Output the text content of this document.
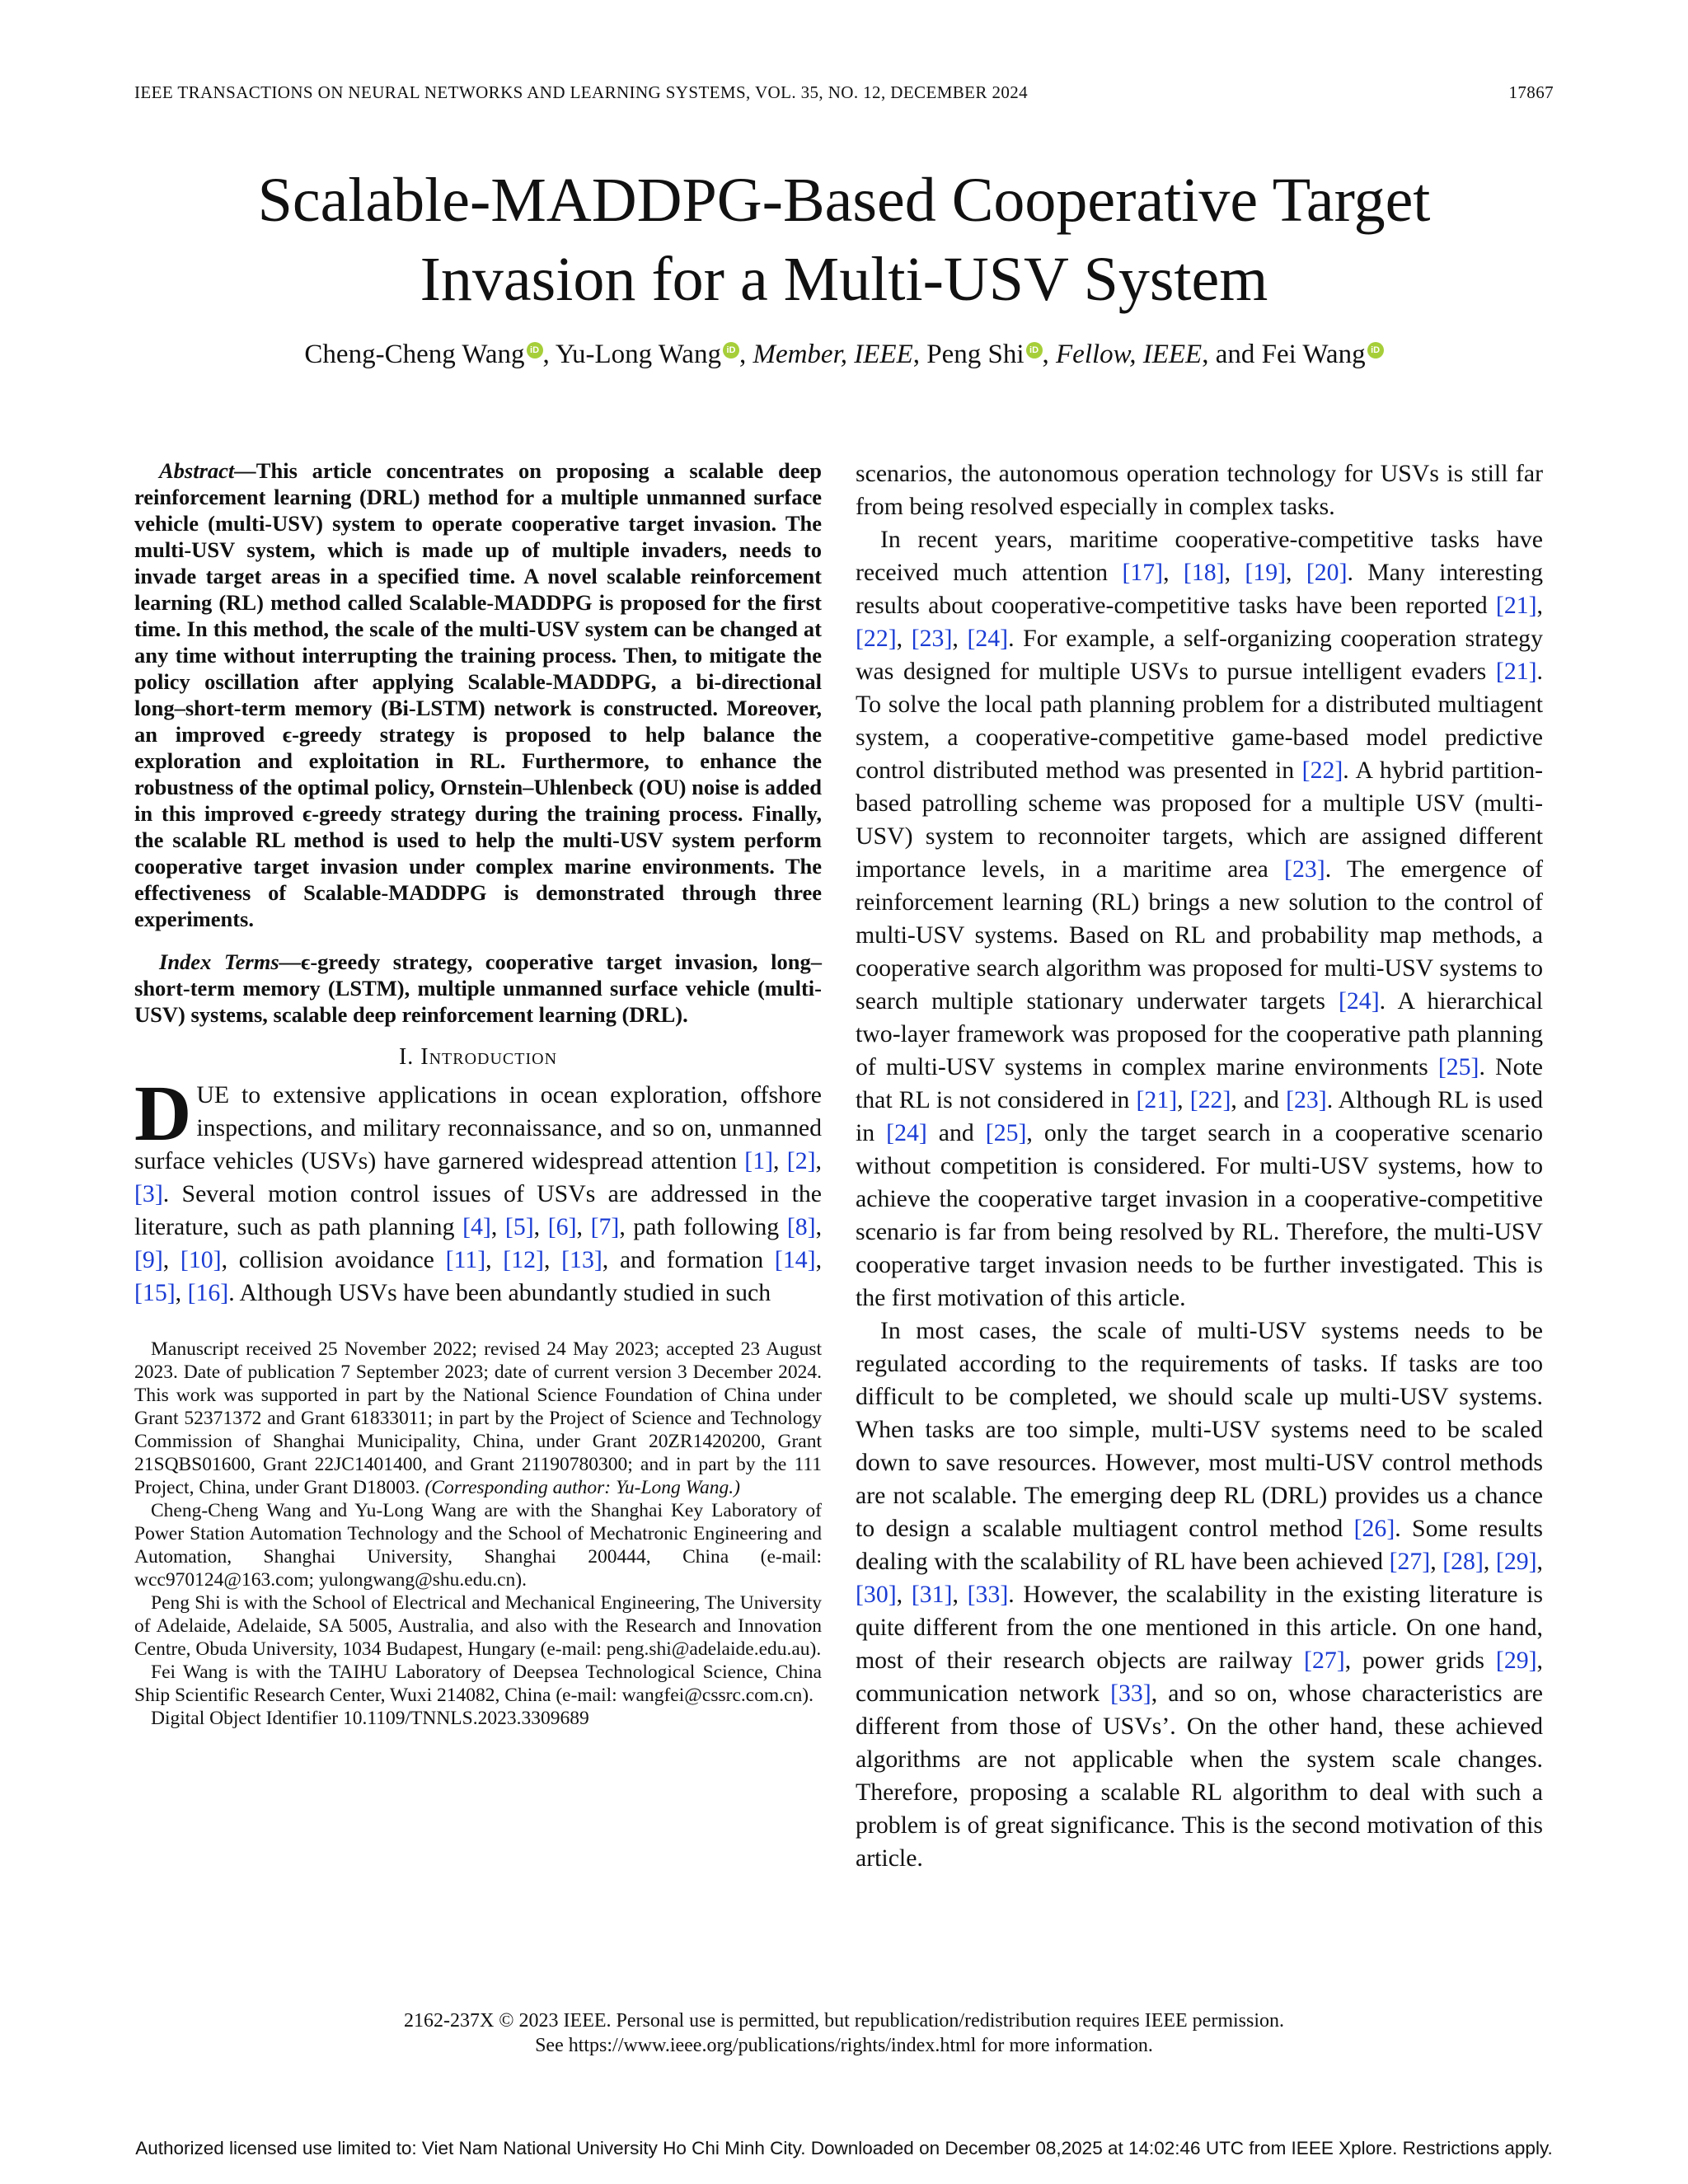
IEEE TRANSACTIONS ON NEURAL NETWORKS AND LEARNING SYSTEMS, VOL. 35, NO. 12, DECEMBER 2024	17867
Scalable-MADDPG-Based Cooperative Target
Invasion for a Multi-USV System
Cheng-Cheng Wang iD , Yu-Long Wang iD , Member, IEEE, Peng Shi iD , Fellow, IEEE, and Fei Wang iD

Abstract—This article concentrates on proposing a scalable deep reinforcement learning (DRL) method for a multiple unmanned surface vehicle (multi-USV) system to operate cooperative target invasion. The multi-USV system, which is made up of multiple invaders, needs to invade target areas in a specified time. A novel scalable reinforcement learning (RL) method called Scalable-MADDPG is proposed for the first time. In this method, the scale of the multi-USV system can be changed at any time without interrupting the training process. Then, to mitigate the policy oscillation after applying Scalable-MADDPG, a bi-directional long–short-term memory (Bi-LSTM) network is constructed. Moreover, an improved ϵ-greedy strategy is proposed to help balance the exploration and exploitation in RL. Furthermore, to enhance the robustness of the optimal policy, Ornstein–Uhlenbeck (OU) noise is added in this improved ϵ-greedy strategy during the training process. Finally, the scalable RL method is used to help the multi-USV system perform cooperative target invasion under complex marine environments. The effectiveness of Scalable-MADDPG is demonstrated through three experiments.

Index Terms—ϵ-greedy strategy, cooperative target invasion, long–short-term memory (LSTM), multiple unmanned surface vehicle (multi-USV) systems, scalable deep reinforcement learning (DRL).

I. Introduction

DUE to extensive applications in ocean exploration, offshore inspections, and military reconnaissance, and so on, unmanned surface vehicles (USVs) have garnered widespread attention [1], [2], [3]. Several motion control issues of USVs are addressed in the literature, such as path planning [4], [5], [6], [7], path following [8], [9], [10], collision avoidance [11], [12], [13], and formation [14], [15], [16]. Although USVs have been abundantly studied in such

Manuscript received 25 November 2022; revised 24 May 2023; accepted 23 August 2023. Date of publication 7 September 2023; date of current version 3 December 2024. This work was supported in part by the National Science Foundation of China under Grant 52371372 and Grant 61833011; in part by the Project of Science and Technology Commission of Shanghai Municipality, China, under Grant 20ZR1420200, Grant 21SQBS01600, Grant 22JC1401400, and Grant 21190780300; and in part by the 111 Project, China, under Grant D18003. (Corresponding author: Yu-Long Wang.)

Cheng-Cheng Wang and Yu-Long Wang are with the Shanghai Key Laboratory of Power Station Automation Technology and the School of Mechatronic Engineering and Automation, Shanghai University, Shanghai 200444, China (e-mail: wcc970124@163.com; yulongwang@shu.edu.cn).

Peng Shi is with the School of Electrical and Mechanical Engineering, The University of Adelaide, Adelaide, SA 5005, Australia, and also with the Research and Innovation Centre, Obuda University, 1034 Budapest, Hungary (e-mail: peng.shi@adelaide.edu.au).

Fei Wang is with the TAIHU Laboratory of Deepsea Technological Science, China Ship Scientific Research Center, Wuxi 214082, China (e-mail: wangfei@cssrc.com.cn).

Digital Object Identifier 10.1109/TNNLS.2023.3309689

scenarios, the autonomous operation technology for USVs is still far from being resolved especially in complex tasks.

In recent years, maritime cooperative-competitive tasks have received much attention [17], [18], [19], [20]. Many interesting results about cooperative-competitive tasks have been reported [21], [22], [23], [24]. For example, a self-organizing cooperation strategy was designed for multiple USVs to pursue intelligent evaders [21]. To solve the local path planning problem for a distributed multiagent system, a cooperative-competitive game-based model predictive control distributed method was presented in [22]. A hybrid partition-based patrolling scheme was proposed for a multiple USV (multi-USV) system to reconnoiter targets, which are assigned different importance levels, in a maritime area [23]. The emergence of reinforcement learning (RL) brings a new solution to the control of multi-USV systems. Based on RL and probability map methods, a cooperative search algorithm was proposed for multi-USV systems to search multiple stationary underwater targets [24]. A hierarchical two-layer framework was proposed for the cooperative path planning of multi-USV systems in complex marine environments [25]. Note that RL is not considered in [21], [22], and [23]. Although RL is used in [24] and [25], only the target search in a cooperative scenario without competition is considered. For multi-USV systems, how to achieve the cooperative target invasion in a cooperative-competitive scenario is far from being resolved by RL. Therefore, the multi-USV cooperative target invasion needs to be further investigated. This is the first motivation of this article.

In most cases, the scale of multi-USV systems needs to be regulated according to the requirements of tasks. If tasks are too difficult to be completed, we should scale up multi-USV systems. When tasks are too simple, multi-USV systems need to be scaled down to save resources. However, most multi-USV control methods are not scalable. The emerging deep RL (DRL) provides us a chance to design a scalable multiagent control method [26]. Some results dealing with the scalability of RL have been achieved [27], [28], [29], [30], [31], [33]. However, the scalability in the existing literature is quite different from the one mentioned in this article. On one hand, most of their research objects are railway [27], power grids [29], communication network [33], and so on, whose characteristics are different from those of USVs’. On the other hand, these achieved algorithms are not applicable when the system scale changes. Therefore, proposing a scalable RL algorithm to deal with such a problem is of great significance. This is the second motivation of this article.

2162-237X © 2023 IEEE. Personal use is permitted, but republication/redistribution requires IEEE permission.
See https://www.ieee.org/publications/rights/index.html for more information.
Authorized licensed use limited to: Viet Nam National University Ho Chi Minh City. Downloaded on December 08,2025 at 14:02:46 UTC from IEEE Xplore. Restrictions apply.
